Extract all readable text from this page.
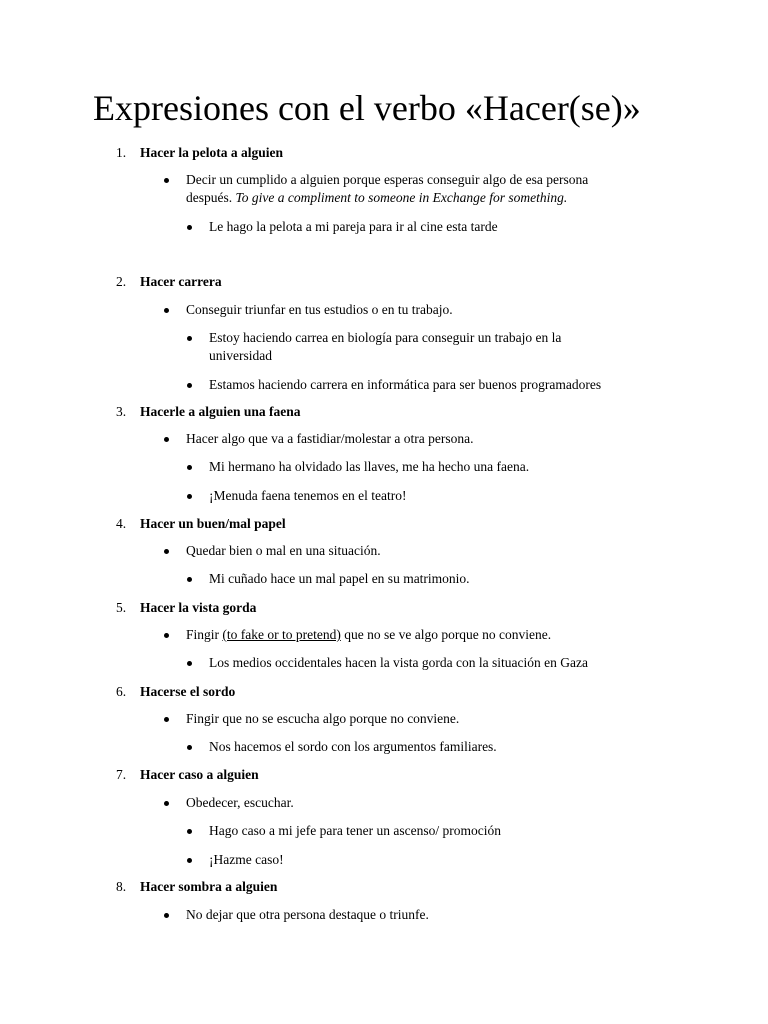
Expresiones con el verbo «Hacer(se)»
1. Hacer la pelota a alguien
Decir un cumplido a alguien porque esperas conseguir algo de esa persona
después. To give a compliment to someone in Exchange for something.
Le hago la pelota a mi pareja para ir al cine esta tarde
2. Hacer carrera
Conseguir triunfar en tus estudios o en tu trabajo.
Estoy haciendo carrea en biología para conseguir un trabajo en la
universidad
Estamos haciendo carrera en informática para ser buenos programadores
3. Hacerle a alguien una faena
Hacer algo que va a fastidiar/molestar a otra persona.
Mi hermano ha olvidado las llaves, me ha hecho una faena.
¡Menuda faena tenemos en el teatro!
4. Hacer un buen/mal papel
Quedar bien o mal en una situación.
Mi cuñado hace un mal papel en su matrimonio.
5. Hacer la vista gorda
Fingir (to fake or to pretend) que no se ve algo porque no conviene.
Los medios occidentales hacen la vista gorda con la situación en Gaza
6. Hacerse el sordo
Fingir que no se escucha algo porque no conviene.
Nos hacemos el sordo con los argumentos familiares.
7. Hacer caso a alguien
Obedecer, escuchar.
Hago caso a mi jefe para tener un ascenso/ promoción
¡Hazme caso!
8. Hacer sombra a alguien
No dejar que otra persona destaque o triunfe.
